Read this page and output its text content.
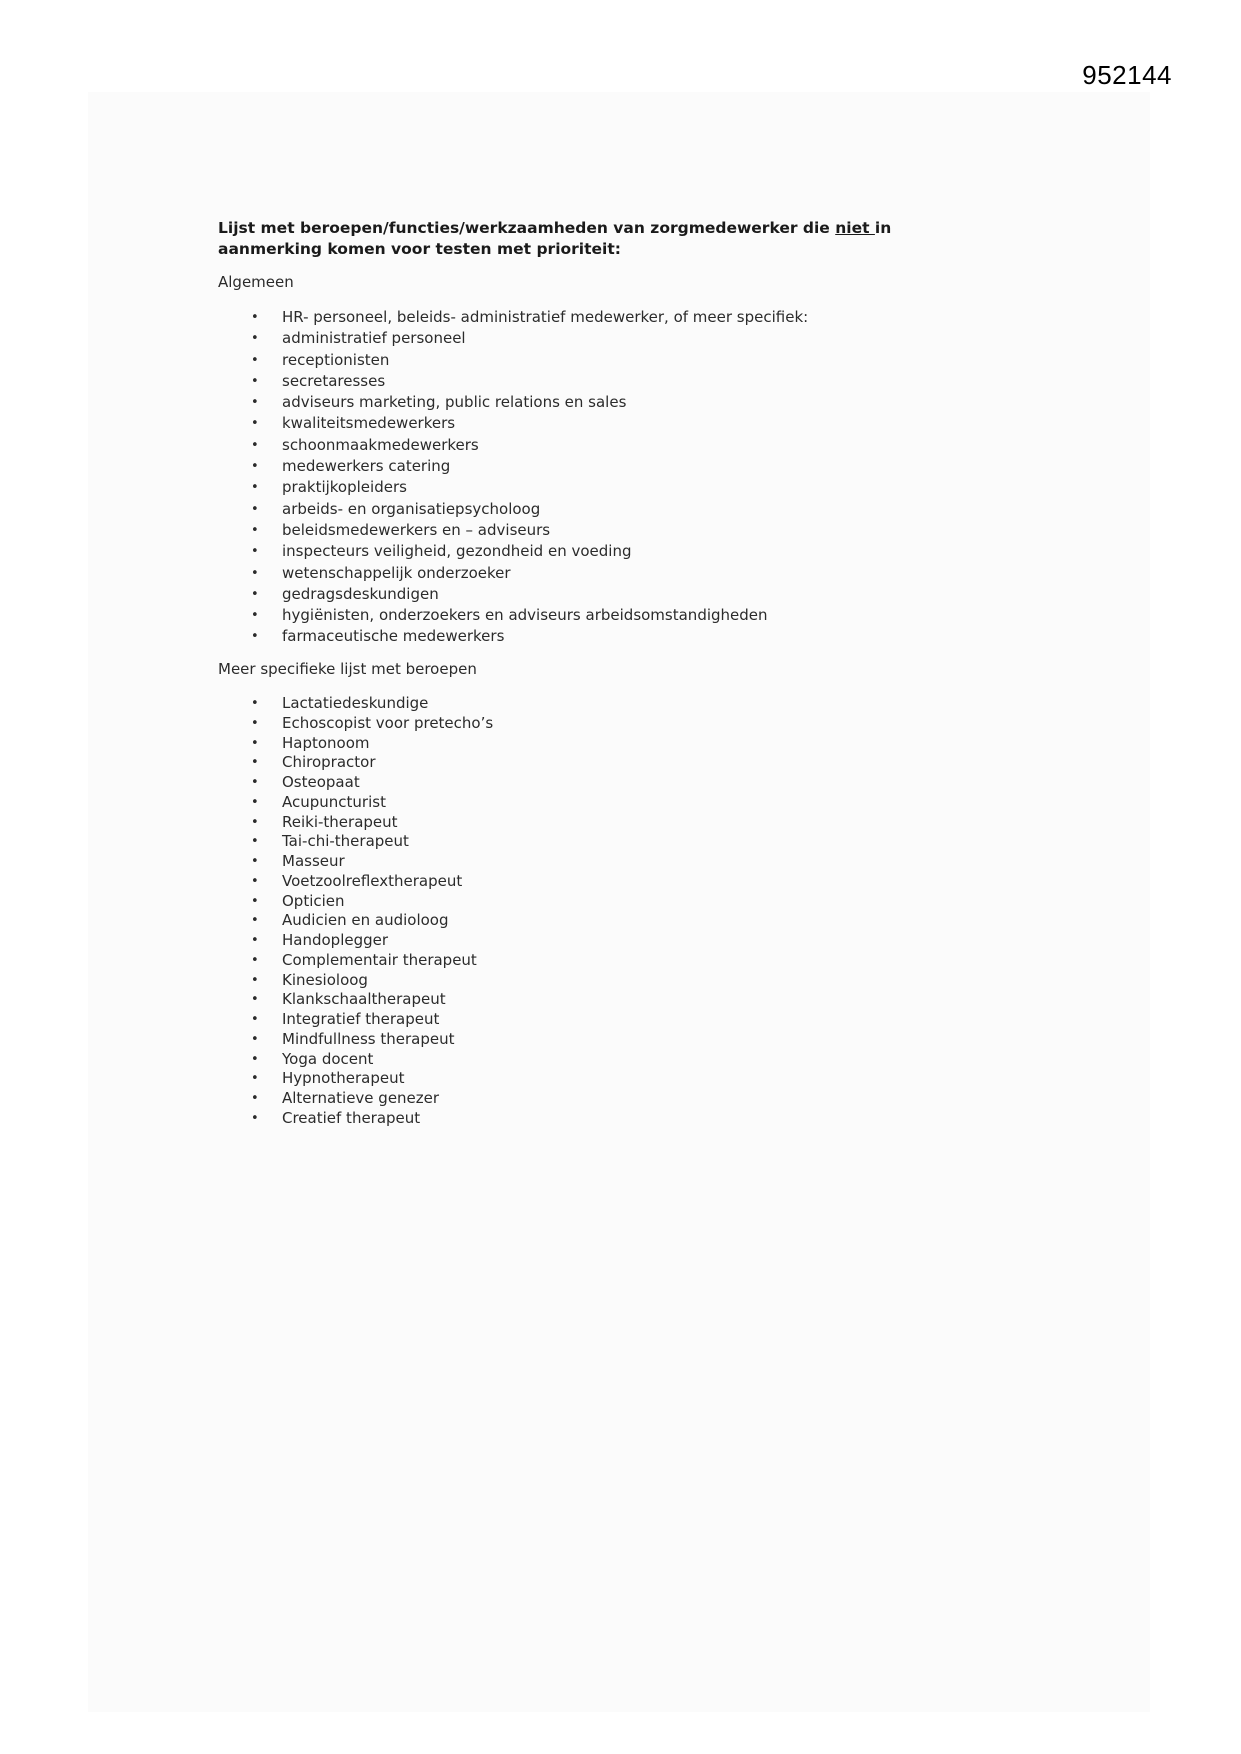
952144
Lijst met beroepen/functies/werkzaamheden van zorgmedewerker die niet in aanmerking komen voor testen met prioriteit:
Algemeen
• HR- personeel, beleids- administratief medewerker, of meer specifiek:
• administratief personeel
• receptionisten
• secretaresses
• adviseurs marketing, public relations en sales
• kwaliteitsmedewerkers
• schoonmaakmedewerkers
• medewerkers catering
• praktijkopleiders
• arbeids- en organisatiepsycholoog
• beleidsmedewerkers en – adviseurs
• inspecteurs veiligheid, gezondheid en voeding
• wetenschappelijk onderzoeker
• gedragsdeskundigen
• hygiënisten, onderzoekers en adviseurs arbeidsomstandigheden
• farmaceutische medewerkers
Meer specifieke lijst met beroepen
• Lactatiedeskundige
• Echoscopist voor pretecho’s
• Haptonoom
• Chiropractor
• Osteopaat
• Acupuncturist
• Reiki-therapeut
• Tai-chi-therapeut
• Masseur
• Voetzoolreflextherapeut
• Opticien
• Audicien en audioloog
• Handoplegger
• Complementair therapeut
• Kinesioloog
• Klankschaaltherapeut
• Integratief therapeut
• Mindfullness therapeut
• Yoga docent
• Hypnotherapeut
• Alternatieve genezer
• Creatief therapeut
